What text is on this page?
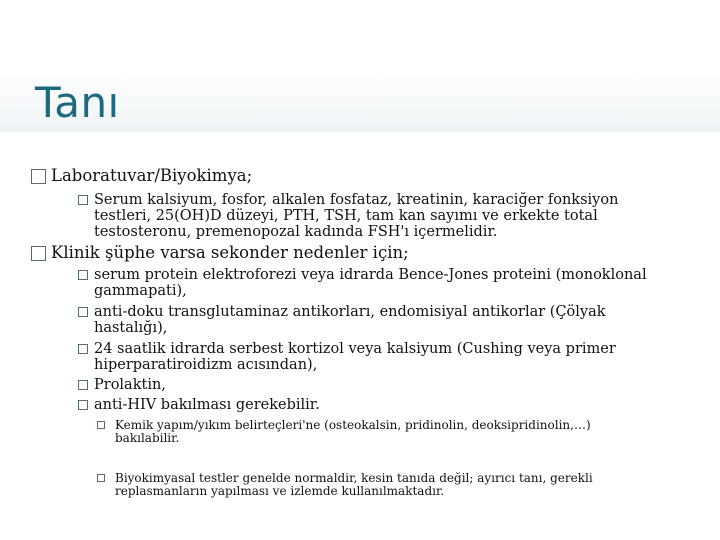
Tanı
Laboratuvar/Biyokimya;
Serum kalsiyum, fosfor, alkalen fosfataz, kreatinin, karaciğer fonksiyon testleri, 25(OH)D düzeyi, PTH, TSH, tam kan sayımı ve erkekte total testosteronu, premenopozal kadında FSH'ı içermelidir.
Klinik şüphe varsa sekonder nedenler için;
serum protein elektroforezi veya idrarda Bence-Jones proteini (monoklonal gammapati),
anti-doku transglutaminaz antikorları, endomisiyal antikorlar (Çölyak hastalığı),
24 saatlik idrarda serbest kortizol veya kalsiyum (Cushing veya primer hiperparatiroidizm acısından),
Prolaktin,
anti-HIV bakılması gerekebilir.
Kemik yapım/yıkım belirteçleri'ne (osteokalsin, pridinolin, deoksipridinolin,…) bakılabilir.
Biyokimyasal testler genelde normaldir, kesin tanıda değil; ayırıcı tanı, gerekli replasmanların yapılması ve izlemde kullanılmaktadır.
